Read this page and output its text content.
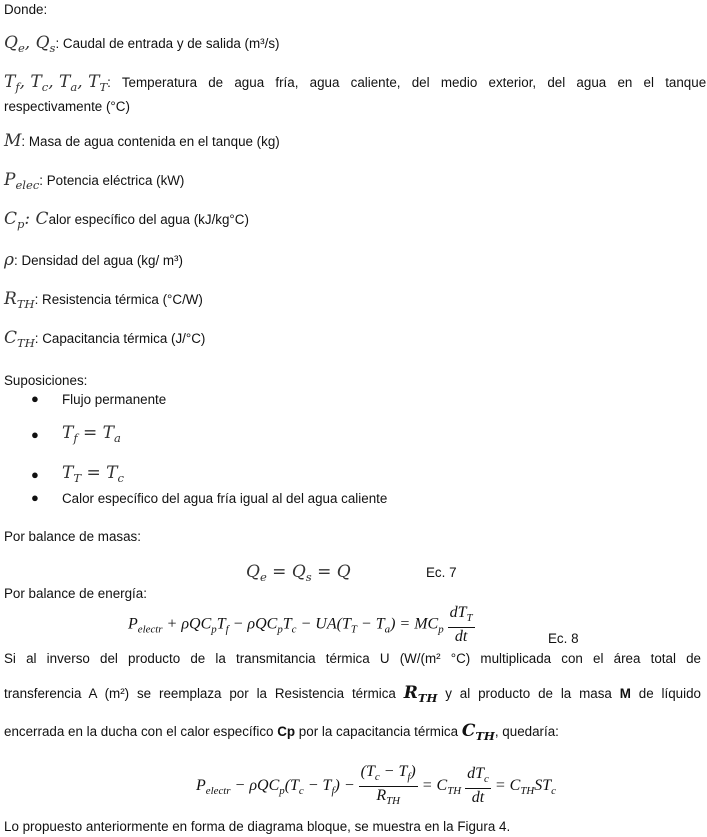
Donde:
$Q_e$, $Q_s$: Caudal de entrada y de salida (m³/s)
$T_f$, $T_c$, $T_a$, $T_T$: Temperatura de agua fría, agua caliente, del medio exterior, del agua en el tanque
respectivamente (°C)
M: Masa de agua contenida en el tanque (kg)
$P_{elec}$: Potencia eléctrica (kW)
$C_p$: Calor específico del agua (kJ/kg°C)
ρ: Densidad del agua (kg/ m³)
$R_{TH}$: Resistencia térmica (°C/W)
$C_{TH}$: Capacitancia térmica (J/°C)
Suposiciones:
● Flujo permanente
● $T_f = T_a$
● $T_T = T_c$
● Calor específico del agua fría igual al del agua caliente
Por balance de masas:
$Q_e = Q_s = Q$	Ec. 7
Por balance de energía:
$P_{electr} + \rho QC_pT_f - \rho QC_pT_c - UA(T_T - T_a) = MC_p \frac{dT_T}{dt}$	Ec. 8
Si al inverso del producto de la transmitancia térmica U (W/(m² °C) multiplicada con el área total de
transferencia A (m²) se reemplaza por la Resistencia térmica $R_{TH}$ y al producto de la masa M de líquido
encerrada en la ducha con el calor específico Cp por la capacitancia térmica $C_{TH}$, quedaría:
$P_{electr} - \rho QC_p(T_c - T_f) - \frac{(T_c - T_f)}{R_{TH}} = C_{TH} \frac{dT_c}{dt} = C_{TH}ST_c$
Lo propuesto anteriormente en forma de diagrama bloque, se muestra en la Figura 4.
